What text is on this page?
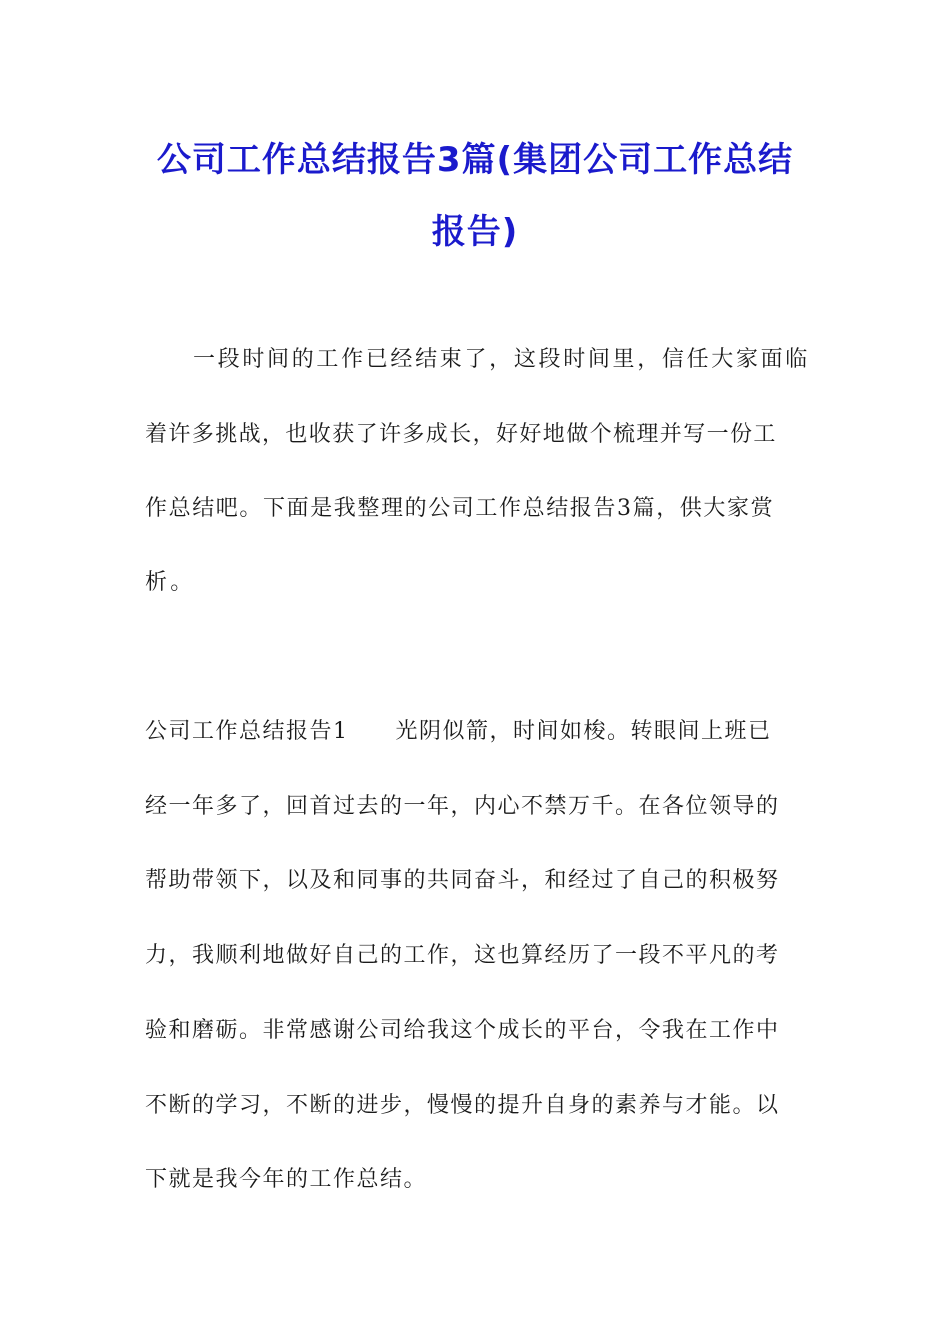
公司工作总结报告3篇(集团公司工作总结
报告)
一段时间的工作已经结束了，这段时间里，信任大家面临
着许多挑战，也收获了许多成长，好好地做个梳理并写一份工
作总结吧。下面是我整理的公司工作总结报告3篇，供大家赏
析。
公司工作总结报告1　　光阴似箭，时间如梭。转眼间上班已
经一年多了，回首过去的一年，内心不禁万千。在各位领导的
帮助带领下，以及和同事的共同奋斗，和经过了自己的积极努
力，我顺利地做好自己的工作，这也算经历了一段不平凡的考
验和磨砺。非常感谢公司给我这个成长的平台，令我在工作中
不断的学习，不断的进步，慢慢的提升自身的素养与才能。以
下就是我今年的工作总结。
